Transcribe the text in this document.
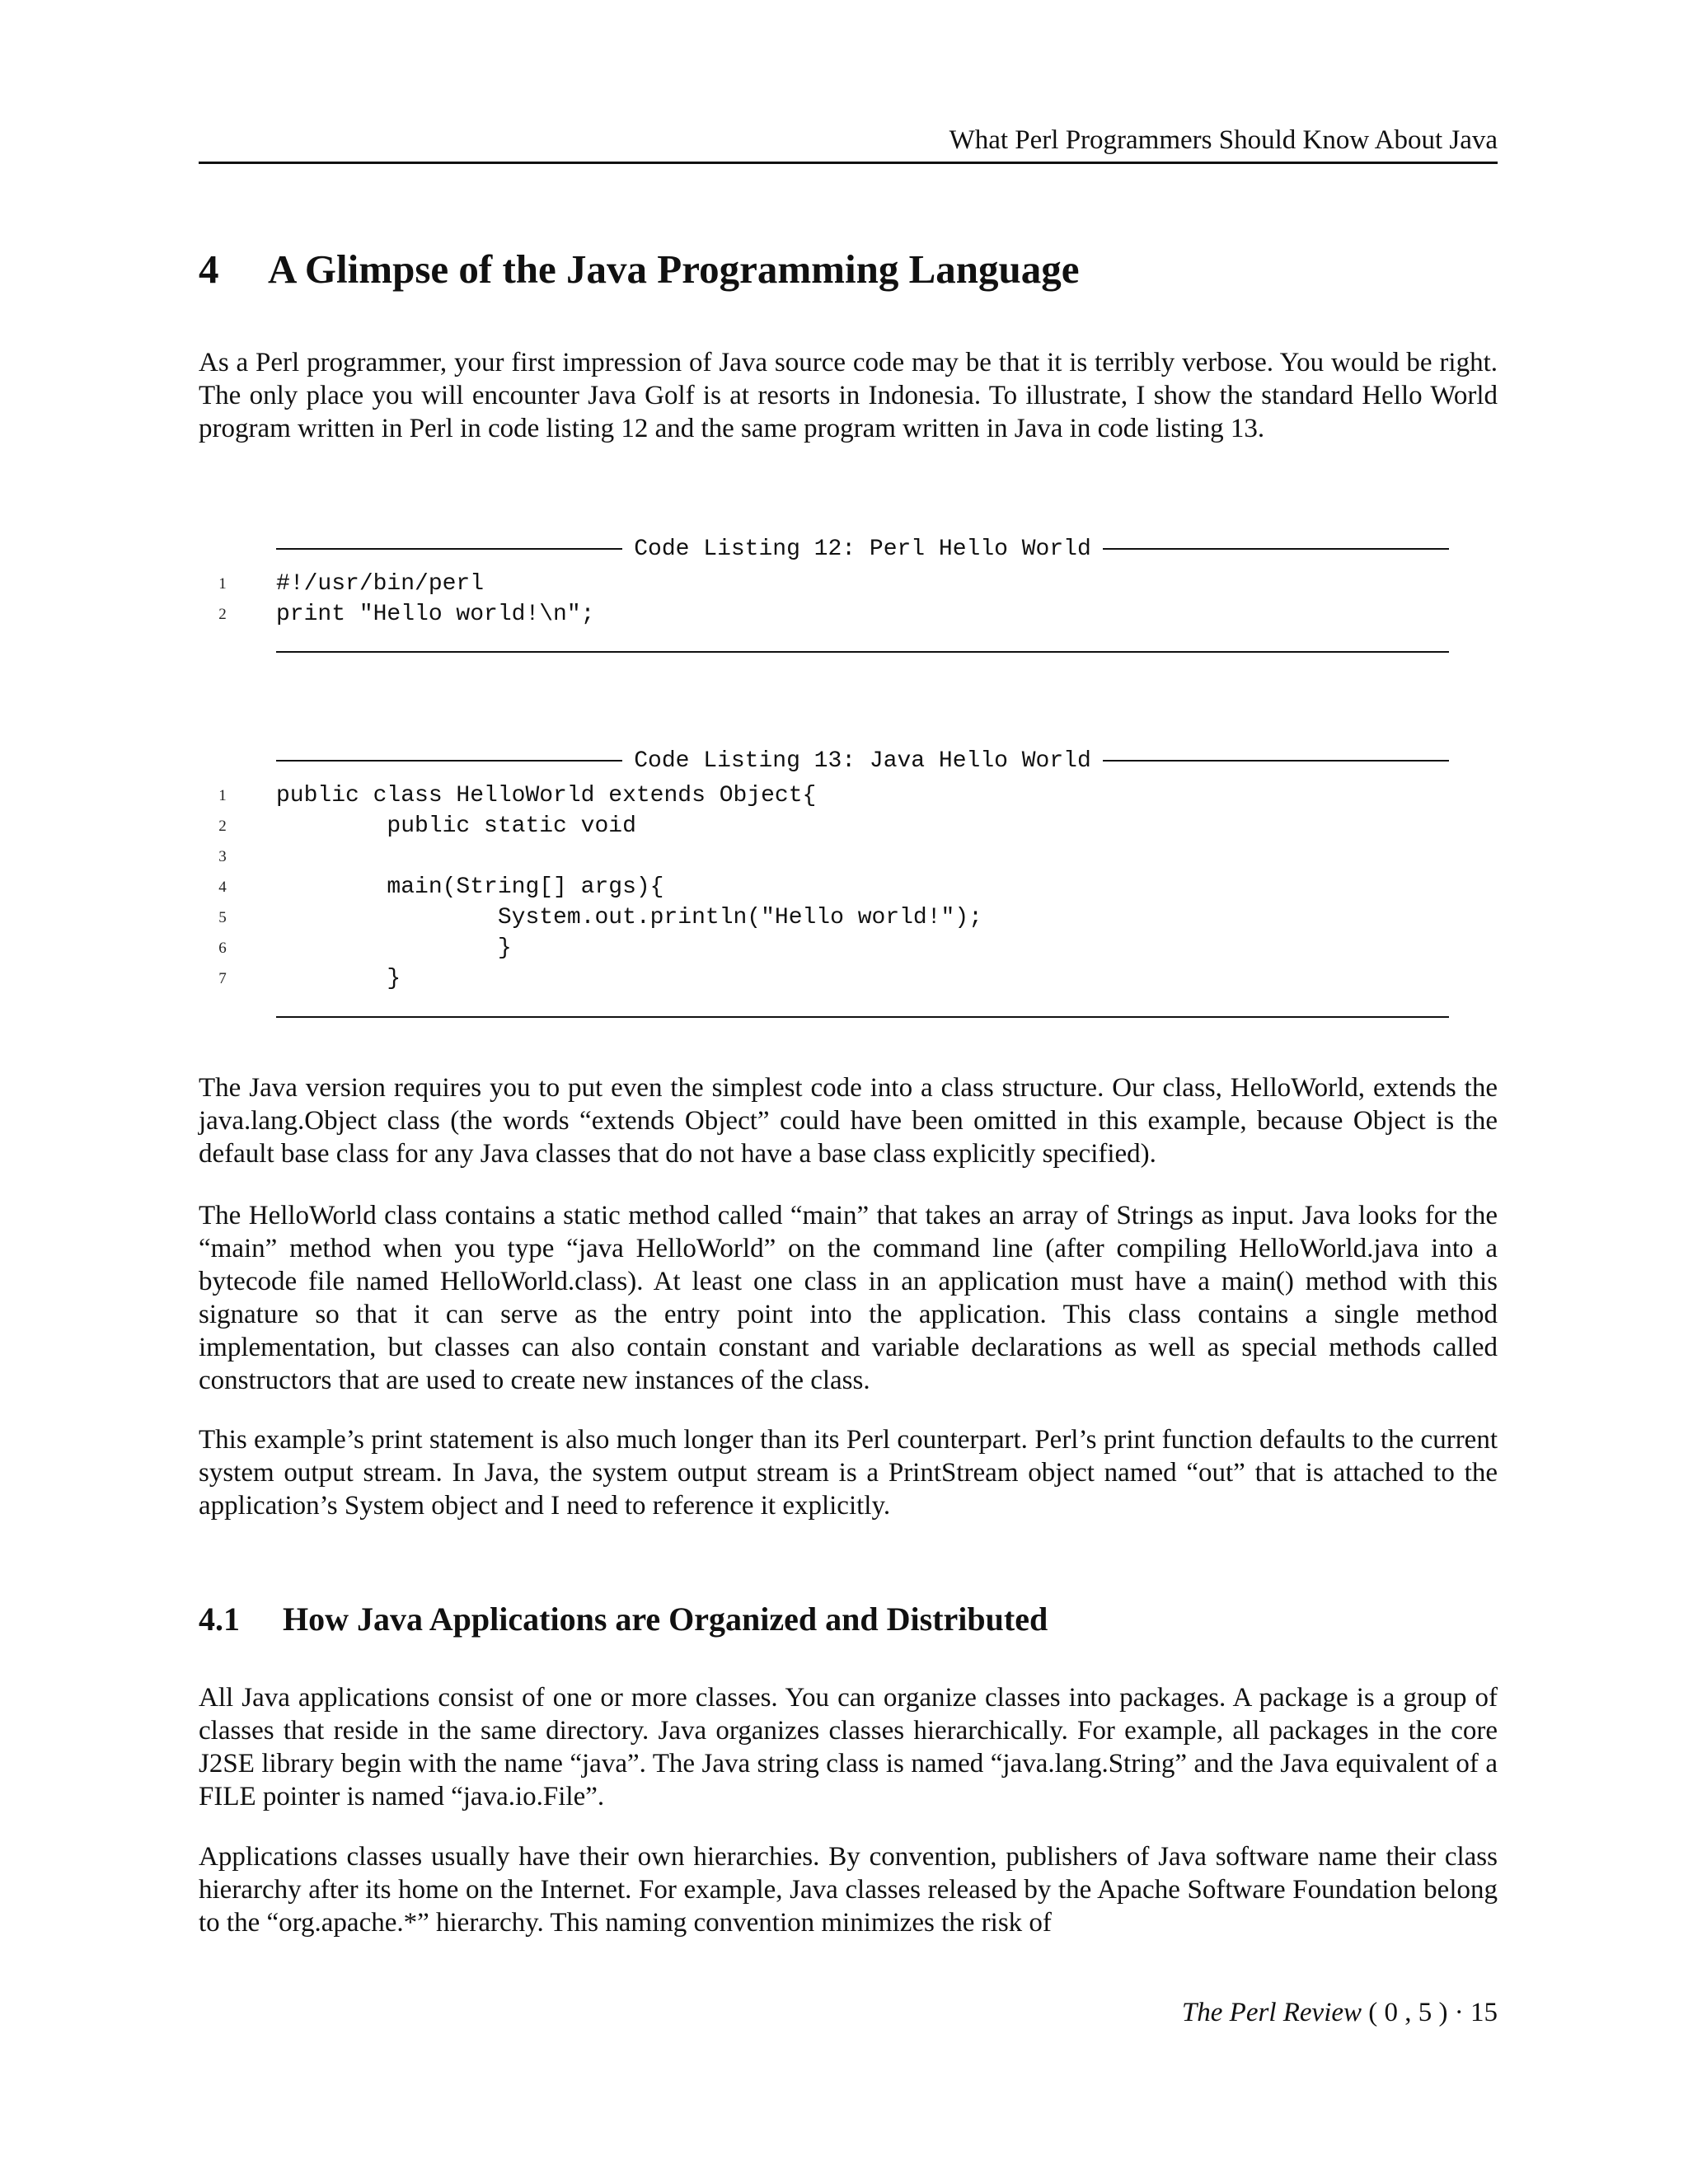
What Perl Programmers Should Know About Java
4 A Glimpse of the Java Programming Language

As a Perl programmer, your first impression of Java source code may be that it is terribly verbose. You would be right. The only place you will encounter Java Golf is at resorts in Indonesia. To illustrate, I show the standard Hello World program written in Perl in code listing 12 and the same program written in Java in code listing 13.

Code Listing 12: Perl Hello World
1	#!/usr/bin/perl
2	print "Hello world!\n";
Code Listing 13: Java Hello World
1	public class HelloWorld extends Object{
2	public static void
3
4	main(String[] args){
5	System.out.println("Hello world!");
6	}
7	}

The Java version requires you to put even the simplest code into a class structure. Our class, HelloWorld, extends the java.lang.Object class (the words “extends Object” could have been omitted in this example, because Object is the default base class for any Java classes that do not have a base class explicitly specified).

The HelloWorld class contains a static method called “main” that takes an array of Strings as input. Java looks for the “main” method when you type “java HelloWorld” on the command line (after compiling HelloWorld.java into a bytecode file named HelloWorld.class). At least one class in an application must have a main() method with this signature so that it can serve as the entry point into the application. This class contains a single method implementation, but classes can also contain constant and variable declarations as well as special methods called constructors that are used to create new instances of the class.

This example’s print statement is also much longer than its Perl counterpart. Perl’s print function defaults to the current system output stream. In Java, the system output stream is a PrintStream object named “out” that is attached to the application’s System object and I need to reference it explicitly.

4.1 How Java Applications are Organized and Distributed

All Java applications consist of one or more classes. You can organize classes into packages. A package is a group of classes that reside in the same directory. Java organizes classes hierarchically. For example, all packages in the core J2SE library begin with the name “java”. The Java string class is named “java.lang.String” and the Java equivalent of a FILE pointer is named “java.io.File”.

Applications classes usually have their own hierarchies. By convention, publishers of Java software name their class hierarchy after its home on the Internet. For example, Java classes released by the Apache Software Foundation belong to the “org.apache.*” hierarchy. This naming convention minimizes the risk of

The Perl Review ( 0 , 5 ) · 15
